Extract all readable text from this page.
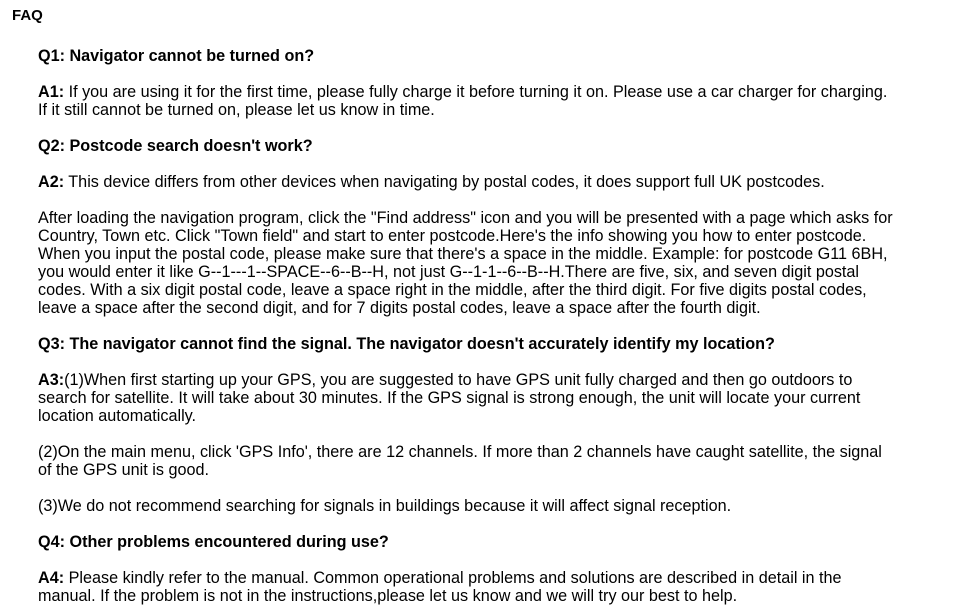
FAQ

Q1: Navigator cannot be turned on?

A1: If you are using it for the first time, please fully charge it before turning it on. Please use a car charger for charging.

If it still cannot be turned on, please let us know in time.

Q2: Postcode search doesn't work?

A2: This device differs from other devices when navigating by postal codes, it does support full UK postcodes.

After loading the navigation program, click the "Find address" icon and you will be presented with a page which asks for

Country, Town etc. Click "Town field" and start to enter postcode.Here's the info showing you how to enter postcode.

When you input the postal code, please make sure that there's a space in the middle. Example: for postcode G11 6BH,

you would enter it like G--1---1--SPACE--6--B--H, not just G--1-1--6--B--H.There are five, six, and seven digit postal

codes. With a six digit postal code, leave a space right in the middle, after the third digit. For five digits postal codes,

leave a space after the second digit, and for 7 digits postal codes, leave a space after the fourth digit.

Q3: The navigator cannot find the signal. The navigator doesn't accurately identify my location?

A3:(1)When first starting up your GPS, you are suggested to have GPS unit fully charged and then go outdoors to

search for satellite. It will take about 30 minutes. If the GPS signal is strong enough, the unit will locate your current

location automatically.

(2)On the main menu, click 'GPS Info', there are 12 channels. If more than 2 channels have caught satellite, the signal

of the GPS unit is good.

(3)We do not recommend searching for signals in buildings because it will affect signal reception.

Q4: Other problems encountered during use?

A4: Please kindly refer to the manual. Common operational problems and solutions are described in detail in the

manual. If the problem is not in the instructions,please let us know and we will try our best to help.
